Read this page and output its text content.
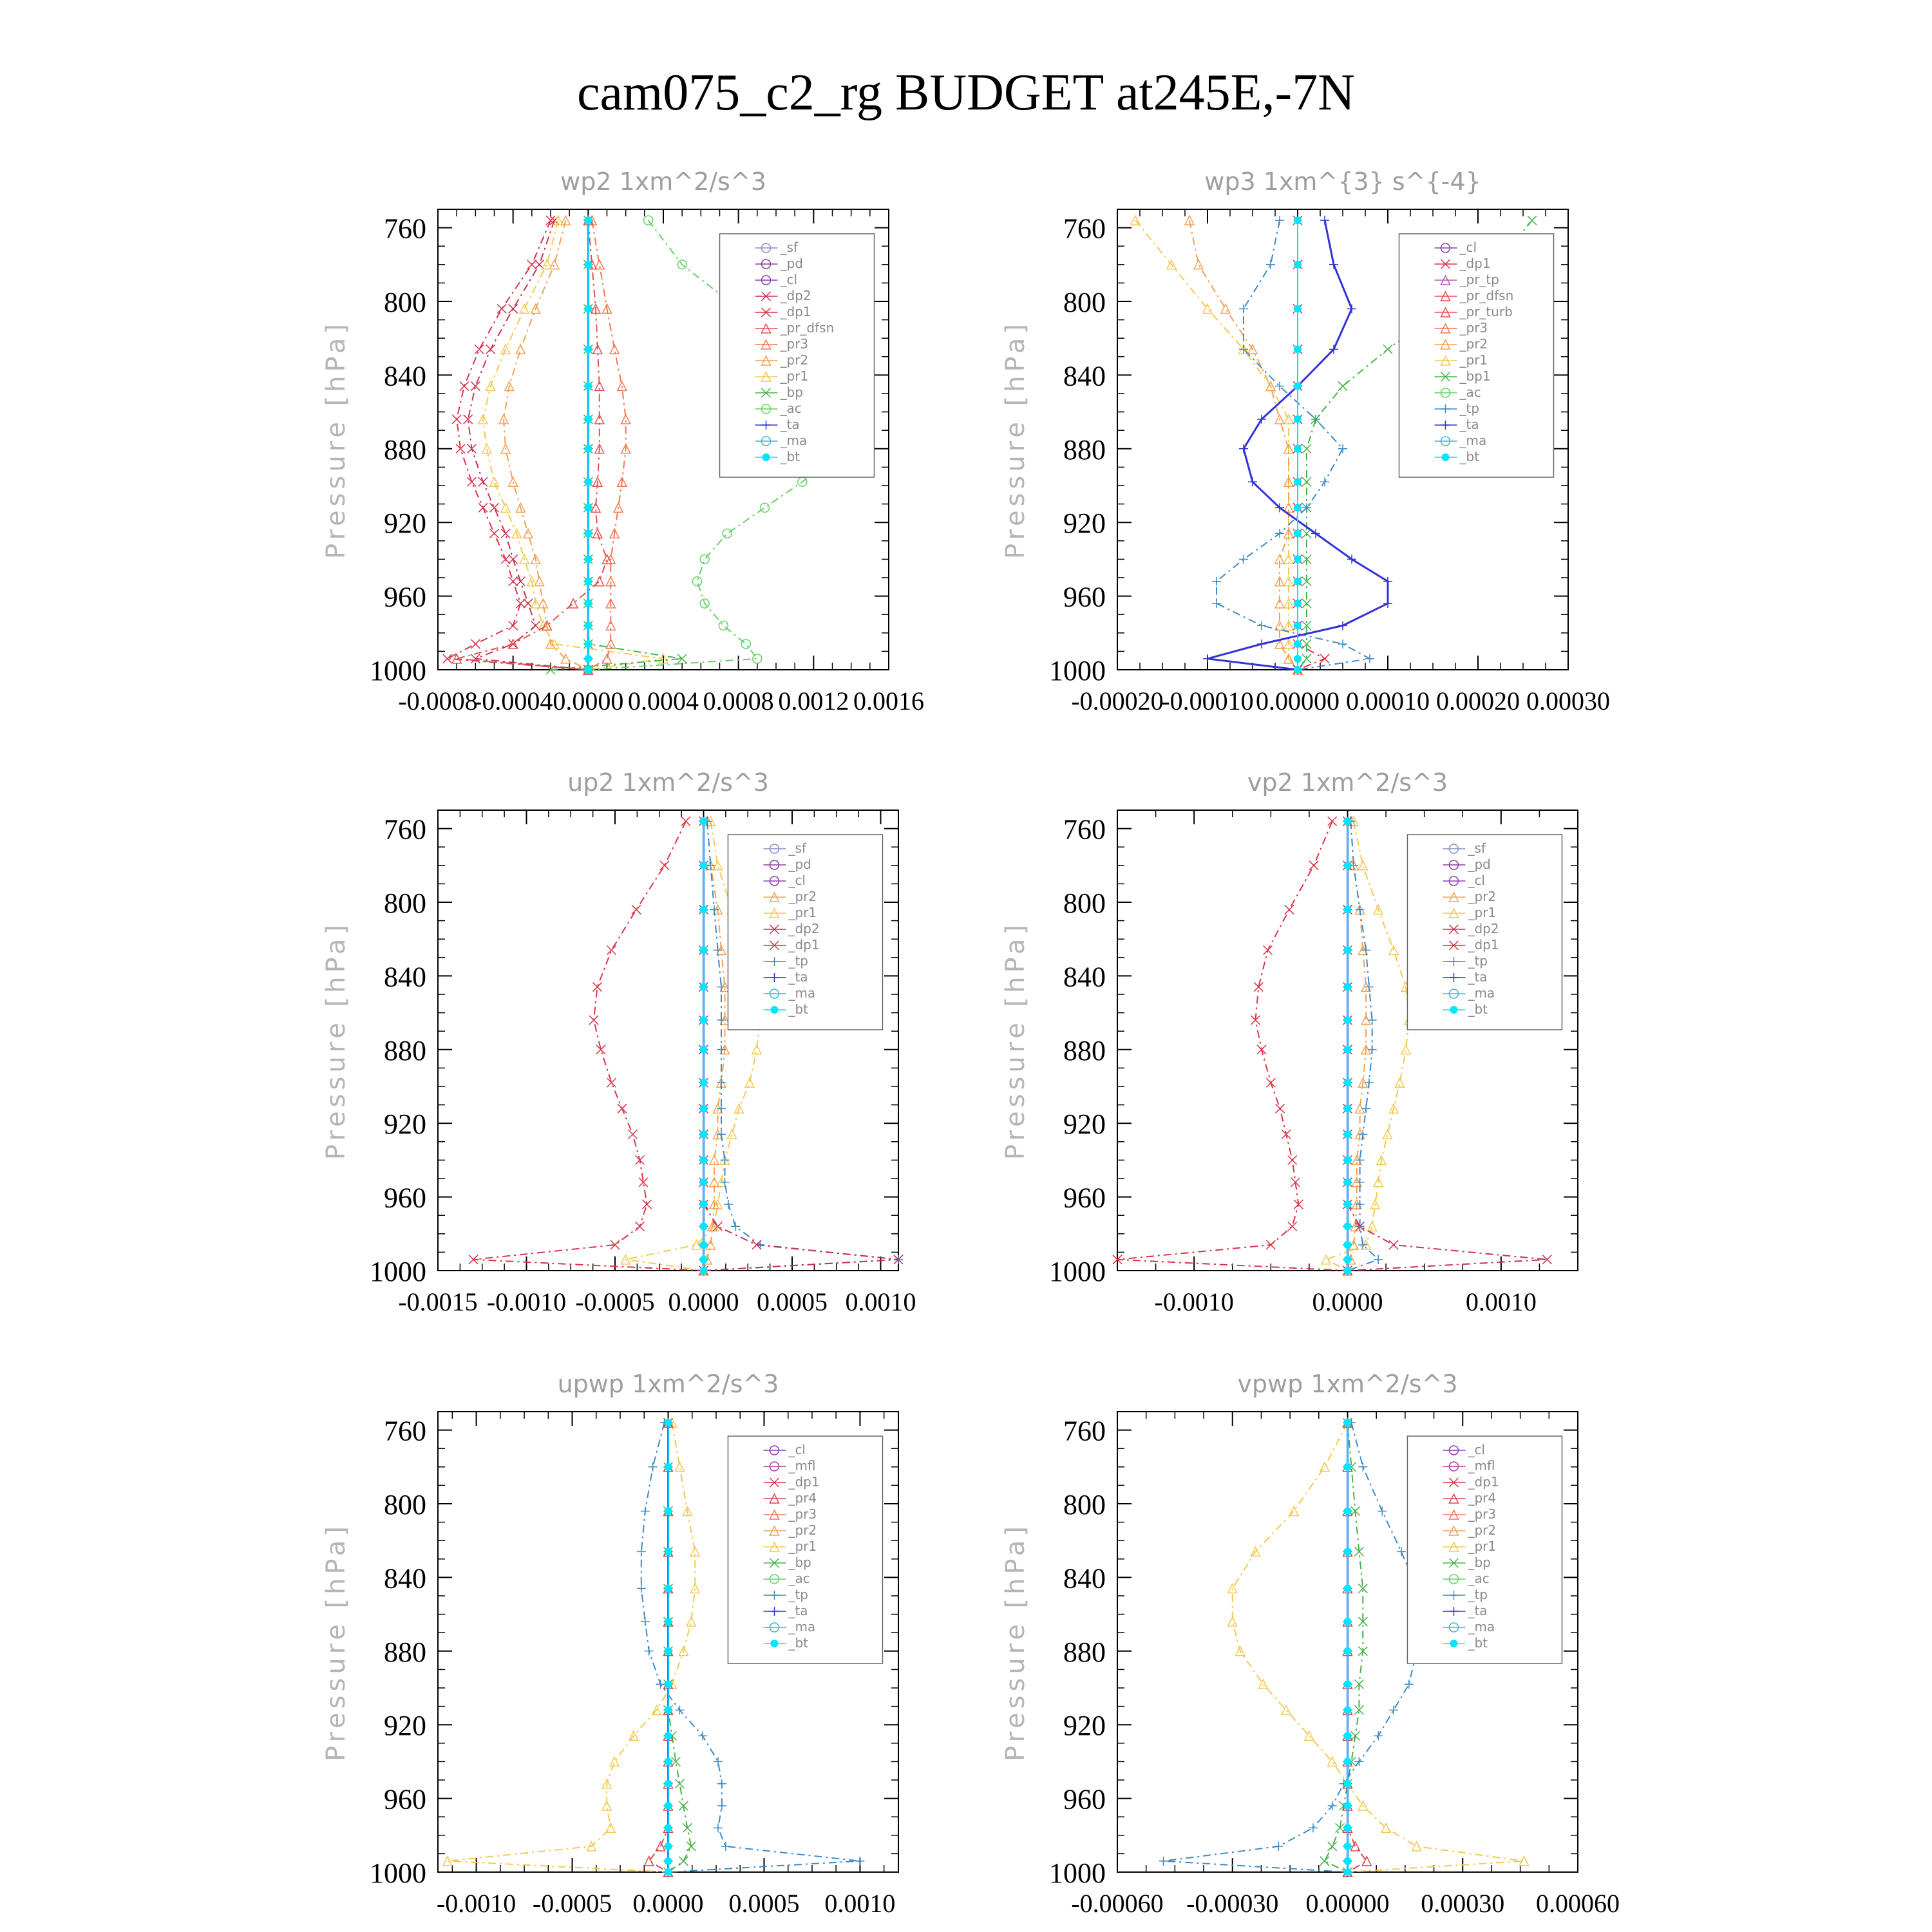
cam075_c2_rg BUDGET at245E,-7N
wp2 1xm^2/s^3
760
800
840
880
920
960
1000
-0.0008
-0.0004 0.0000 0.0004 0.0008 0.0012 0.0016
Pressure [hPa]
_sf
_pd
_cl
_dp2
_dp1
_pr_dfsn
_pr3
_pr2
_pr1
_bp
_ac
_ta
_ma
_bt
wp3 1xm^{3} s^{-4}
760
800
840
880
920
960
1000
-0.00020
-0.00010 0.00000 0.00010 0.00020 0.00030
Pressure [hPa]
_cl
_dp1
_pr_tp
_pr_dfsn
_pr_turb
_pr3
_pr2
_pr1
_bp1
_ac
_tp
_ta
_ma
_bt
up2 1xm^2/s^3
760
800
840
880
920
960
1000
-0.0015 -0.0010 -0.0005 0.0000 0.0005 0.0010
Pressure [hPa]
_sf
_pd
_cl
_pr2
_pr1
_dp2
_dp1
_tp
_ta
_ma
_bt
vp2 1xm^2/s^3
760
800
840
880
920
960
1000
-0.0010	0.0000	0.0010
Pressure [hPa]
_sf
_pd
_cl
_pr2
_pr1
_dp2
_dp1
_tp
_ta
_ma
_bt
upwp 1xm^2/s^3
760
800
840
880
920
960
1000
-0.0010 -0.0005 0.0000 0.0005 0.0010
Pressure [hPa]
_cl
_mfl
_dp1
_pr4
_pr3
_pr2
_pr1
_bp
_ac
_tp
_ta
_ma
_bt
vpwp 1xm^2/s^3
760
800
840
880
920
960
1000
-0.00060 -0.00030 0.00000 0.00030 0.00060
Pressure [hPa]
_cl
_mfl
_dp1
_pr4
_pr3
_pr2
_pr1
_bp
_ac
_tp
_ta
_ma
_bt
